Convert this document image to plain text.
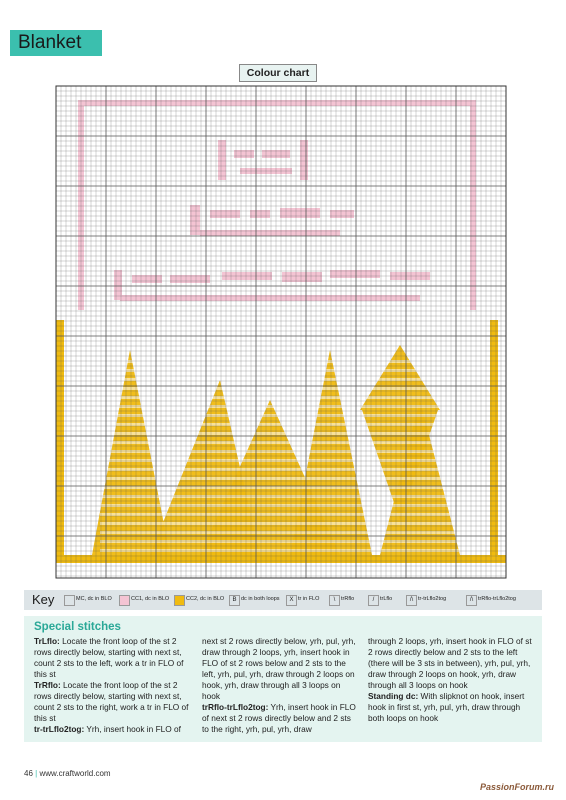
Blanket
Colour chart
Key	MC, dc in BLO	CC1, dc in BLO	CC2, dc in BLO	B dc in both loops	X tr in FLO	\	trRflo	/	trLflo	/\ tr-trLflo2tog	/\ trRflo-trLflo2tog
Special stitches
TrLflo: Locate the front loop of the st 2 rows directly below, starting with next st, count 2 sts to the left, work a tr in FLO of this st
TrRflo: Locate the front loop of the st 2 rows directly below, starting with next st, count 2 sts to the right, work a tr in FLO of this st
tr-trLflo2tog: Yrh, insert hook in FLO of
next st 2 rows directly below, yrh, pul, yrh, draw through 2 loops, yrh, insert hook in FLO of st 2 rows below and 2 sts to the left, yrh, pul, yrh, draw through 2 loops on hook, yrh, draw through all 3 loops on hook
trRflo-trLflo2tog: Yrh, insert hook in FLO of next st 2 rows directly below and 2 sts to the right, yrh, pul, yrh, draw
through 2 loops, yrh, insert hook in FLO of st 2 rows directly below and 2 sts to the left (there will be 3 sts in between), yrh, pul, yrh, draw through 2 loops on hook, yrh, draw through all 3 loops on hook
Standing dc: With slipknot on hook, insert hook in first st, yrh, pul, yrh, draw through both loops on hook
46 | www.craftworld.com
PassionForum.ru
